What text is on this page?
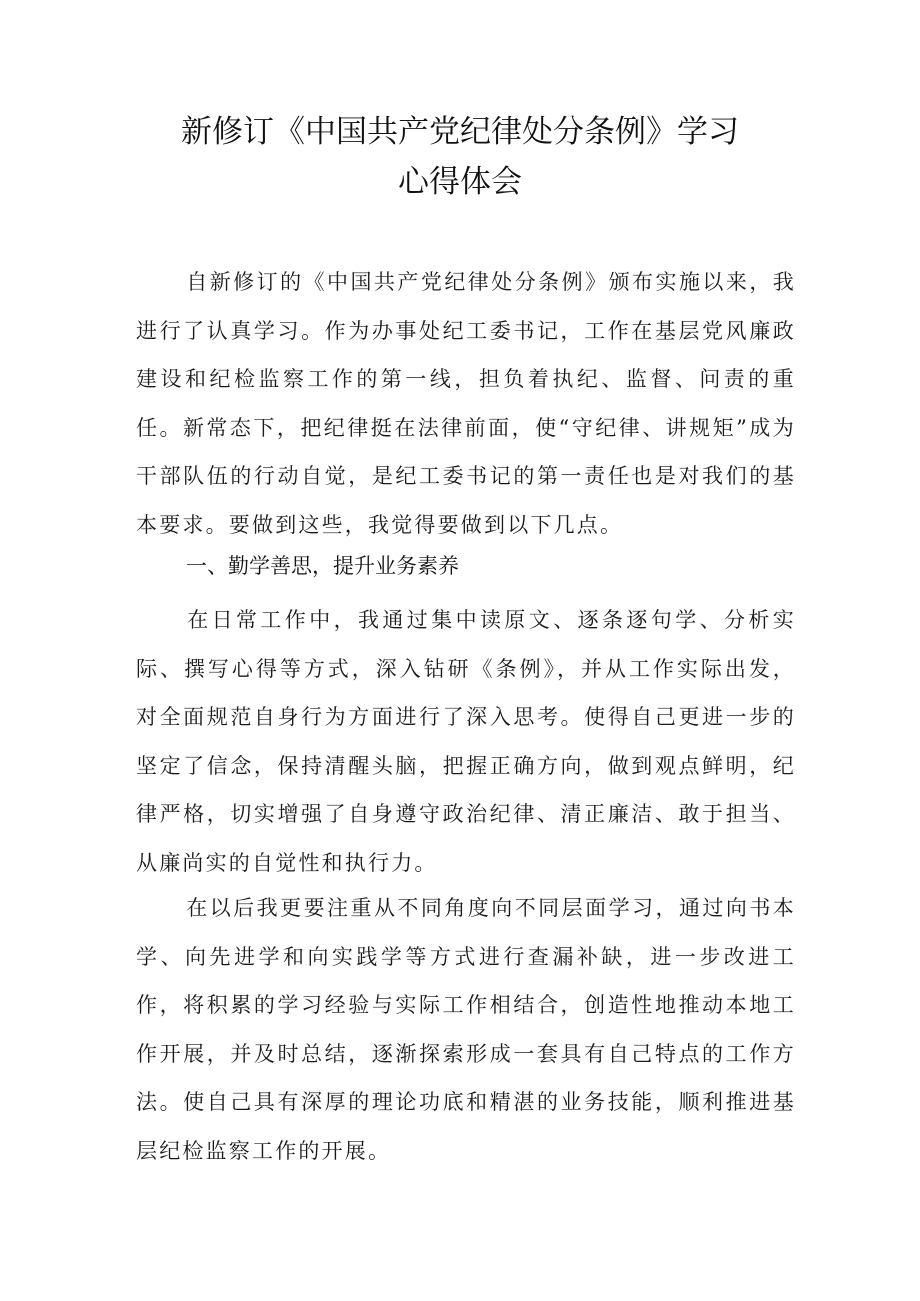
新修订《中国共产党纪律处分条例》学习
心得体会

自新修订的《中国共产党纪律处分条例》颁布实施以来，我进行了认真学习。作为办事处纪工委书记，工作在基层党风廉政建设和纪检监察工作的第一线，担负着执纪、监督、问责的重任。新常态下，把纪律挺在法律前面，使“守纪律、讲规矩”成为干部队伍的行动自觉，是纪工委书记的第一责任也是对我们的基本要求。要做到这些，我觉得要做到以下几点。

一、勤学善思，提升业务素养

在日常工作中，我通过集中读原文、逐条逐句学、分析实际、撰写心得等方式，深入钻研《条例》，并从工作实际出发，对全面规范自身行为方面进行了深入思考。使得自己更进一步的坚定了信念，保持清醒头脑，把握正确方向，做到观点鲜明，纪律严格，切实增强了自身遵守政治纪律、清正廉洁、敢于担当、从廉尚实的自觉性和执行力。

在以后我更要注重从不同角度向不同层面学习，通过向书本学、向先进学和向实践学等方式进行查漏补缺，进一步改进工作，将积累的学习经验与实际工作相结合，创造性地推动本地工作开展，并及时总结，逐渐探索形成一套具有自己特点的工作方法。使自己具有深厚的理论功底和精湛的业务技能，顺利推进基层纪检监察工作的开展。
